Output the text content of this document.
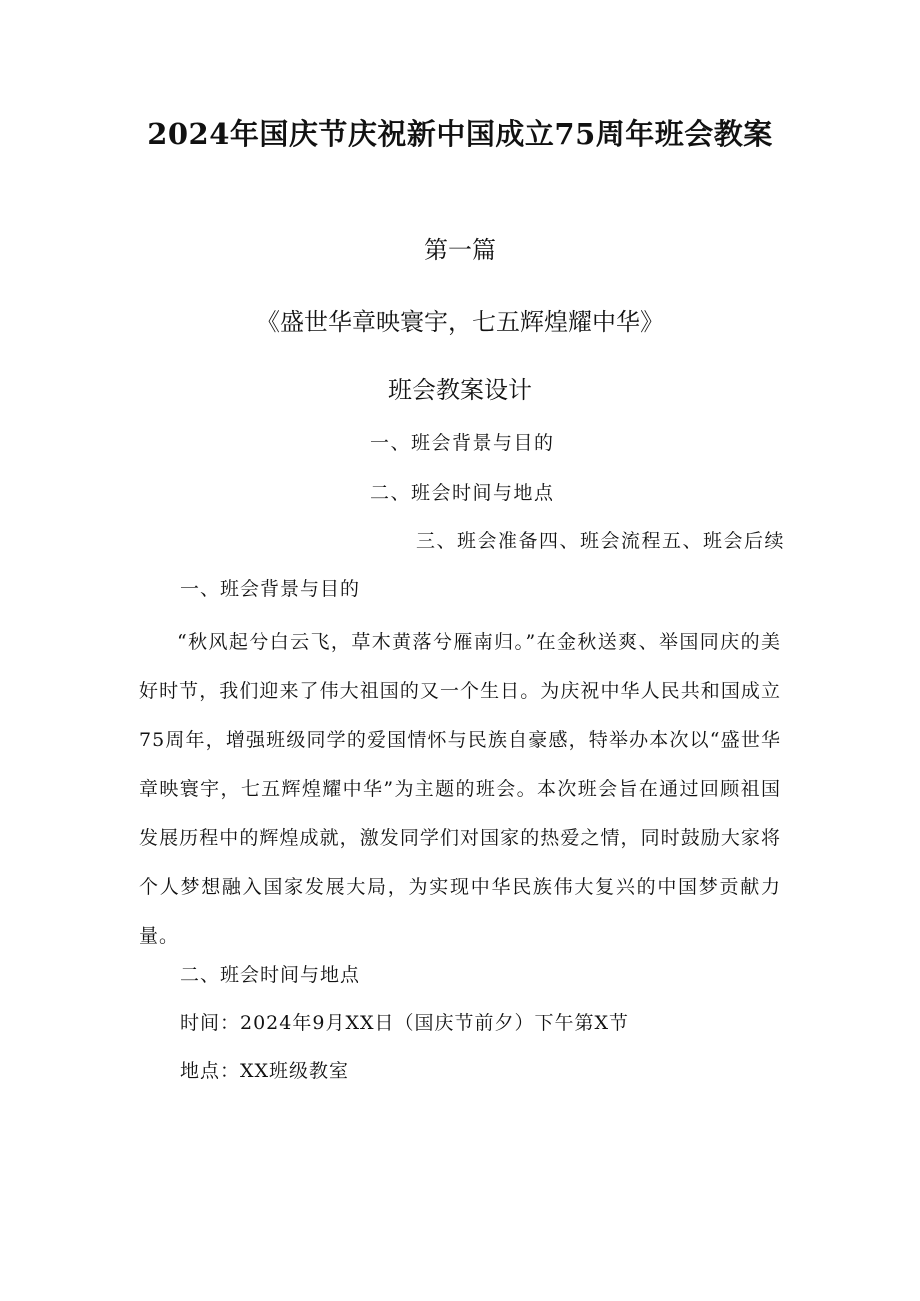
2024年国庆节庆祝新中国成立75周年班会教案
第一篇
《盛世华章映寰宇，七五辉煌耀中华》
班会教案设计
一、班会背景与目的
二、班会时间与地点
三、班会准备四、班会流程五、班会后续
一、班会背景与目的
“秋风起兮白云飞，草木黄落兮雁南归。”在金秋送爽、举国同庆的美好时节，我们迎来了伟大祖国的又一个生日。为庆祝中华人民共和国成立75周年，增强班级同学的爱国情怀与民族自豪感，特举办本次以“盛世华章映寰宇，七五辉煌耀中华”为主题的班会。本次班会旨在通过回顾祖国发展历程中的辉煌成就，激发同学们对国家的热爱之情，同时鼓励大家将个人梦想融入国家发展大局，为实现中华民族伟大复兴的中国梦贡献力量。
二、班会时间与地点
时间：2024年9月XX日（国庆节前夕）下午第X节
地点：XX班级教室
